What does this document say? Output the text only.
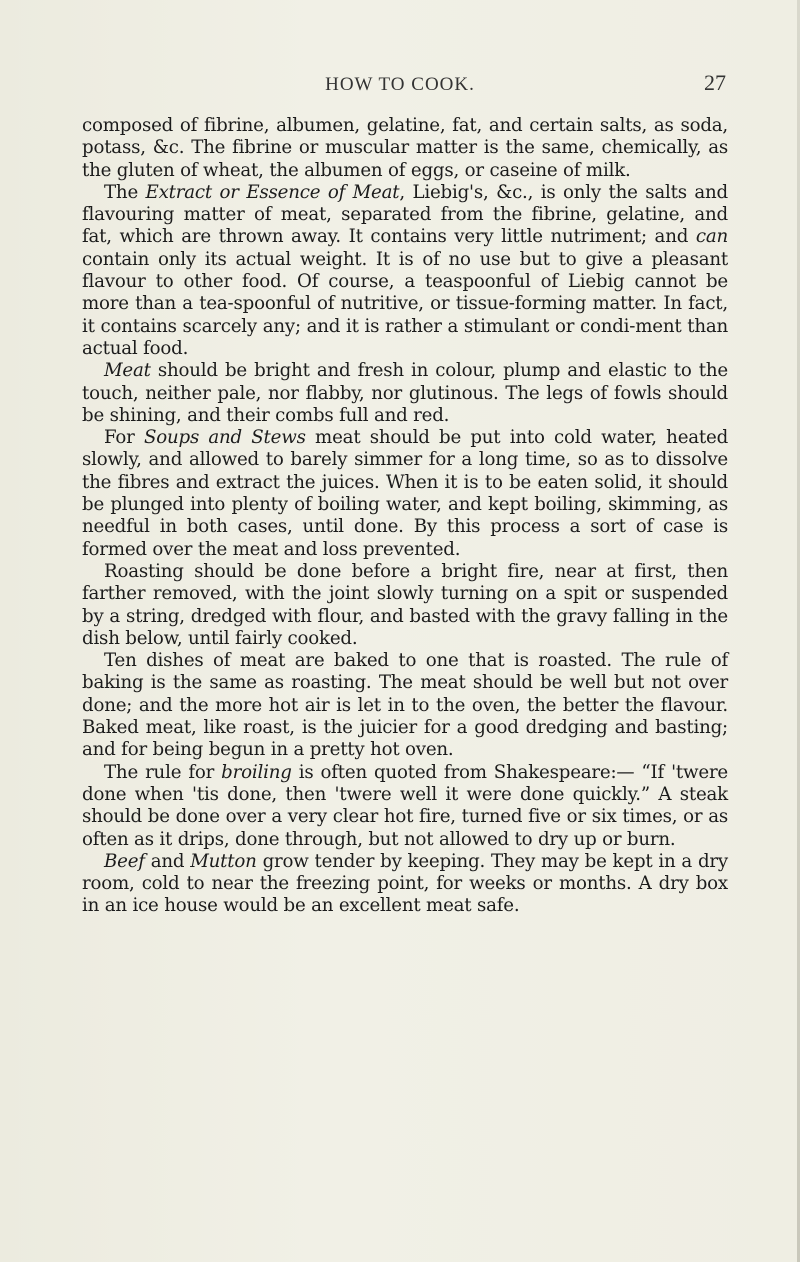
HOW TO COOK.	27

composed of fibrine, albumen, gelatine, fat, and certain salts, as soda, potass, &c. The fibrine or muscular matter is the same, chemically, as the gluten of wheat, the albumen of eggs, or caseine of milk.

The Extract or Essence of Meat, Liebig's, &c., is only the salts and flavouring matter of meat, separated from the fibrine, gelatine, and fat, which are thrown away. It contains very little nutriment; and can contain only its actual weight. It is of no use but to give a pleasant flavour to other food. Of course, a teaspoonful of Liebig cannot be more than a tea-spoonful of nutritive, or tissue-forming matter. In fact, it contains scarcely any; and it is rather a stimulant or condi-ment than actual food.

Meat should be bright and fresh in colour, plump and elastic to the touch, neither pale, nor flabby, nor glutinous. The legs of fowls should be shining, and their combs full and red.

For Soups and Stews meat should be put into cold water, heated slowly, and allowed to barely simmer for a long time, so as to dissolve the fibres and extract the juices. When it is to be eaten solid, it should be plunged into plenty of boiling water, and kept boiling, skimming, as needful in both cases, until done. By this process a sort of case is formed over the meat and loss prevented.

Roasting should be done before a bright fire, near at first, then farther removed, with the joint slowly turning on a spit or suspended by a string, dredged with flour, and basted with the gravy falling in the dish below, until fairly cooked.

Ten dishes of meat are baked to one that is roasted. The rule of baking is the same as roasting. The meat should be well but not over done; and the more hot air is let in to the oven, the better the flavour. Baked meat, like roast, is the juicier for a good dredging and basting; and for being begun in a pretty hot oven.

The rule for broiling is often quoted from Shakespeare:— “If 'twere done when 'tis done, then 'twere well it were done quickly.” A steak should be done over a very clear hot fire, turned five or six times, or as often as it drips, done through, but not allowed to dry up or burn.

Beef and Mutton grow tender by keeping. They may be kept in a dry room, cold to near the freezing point, for weeks or months. A dry box in an ice house would be an excellent meat safe.
